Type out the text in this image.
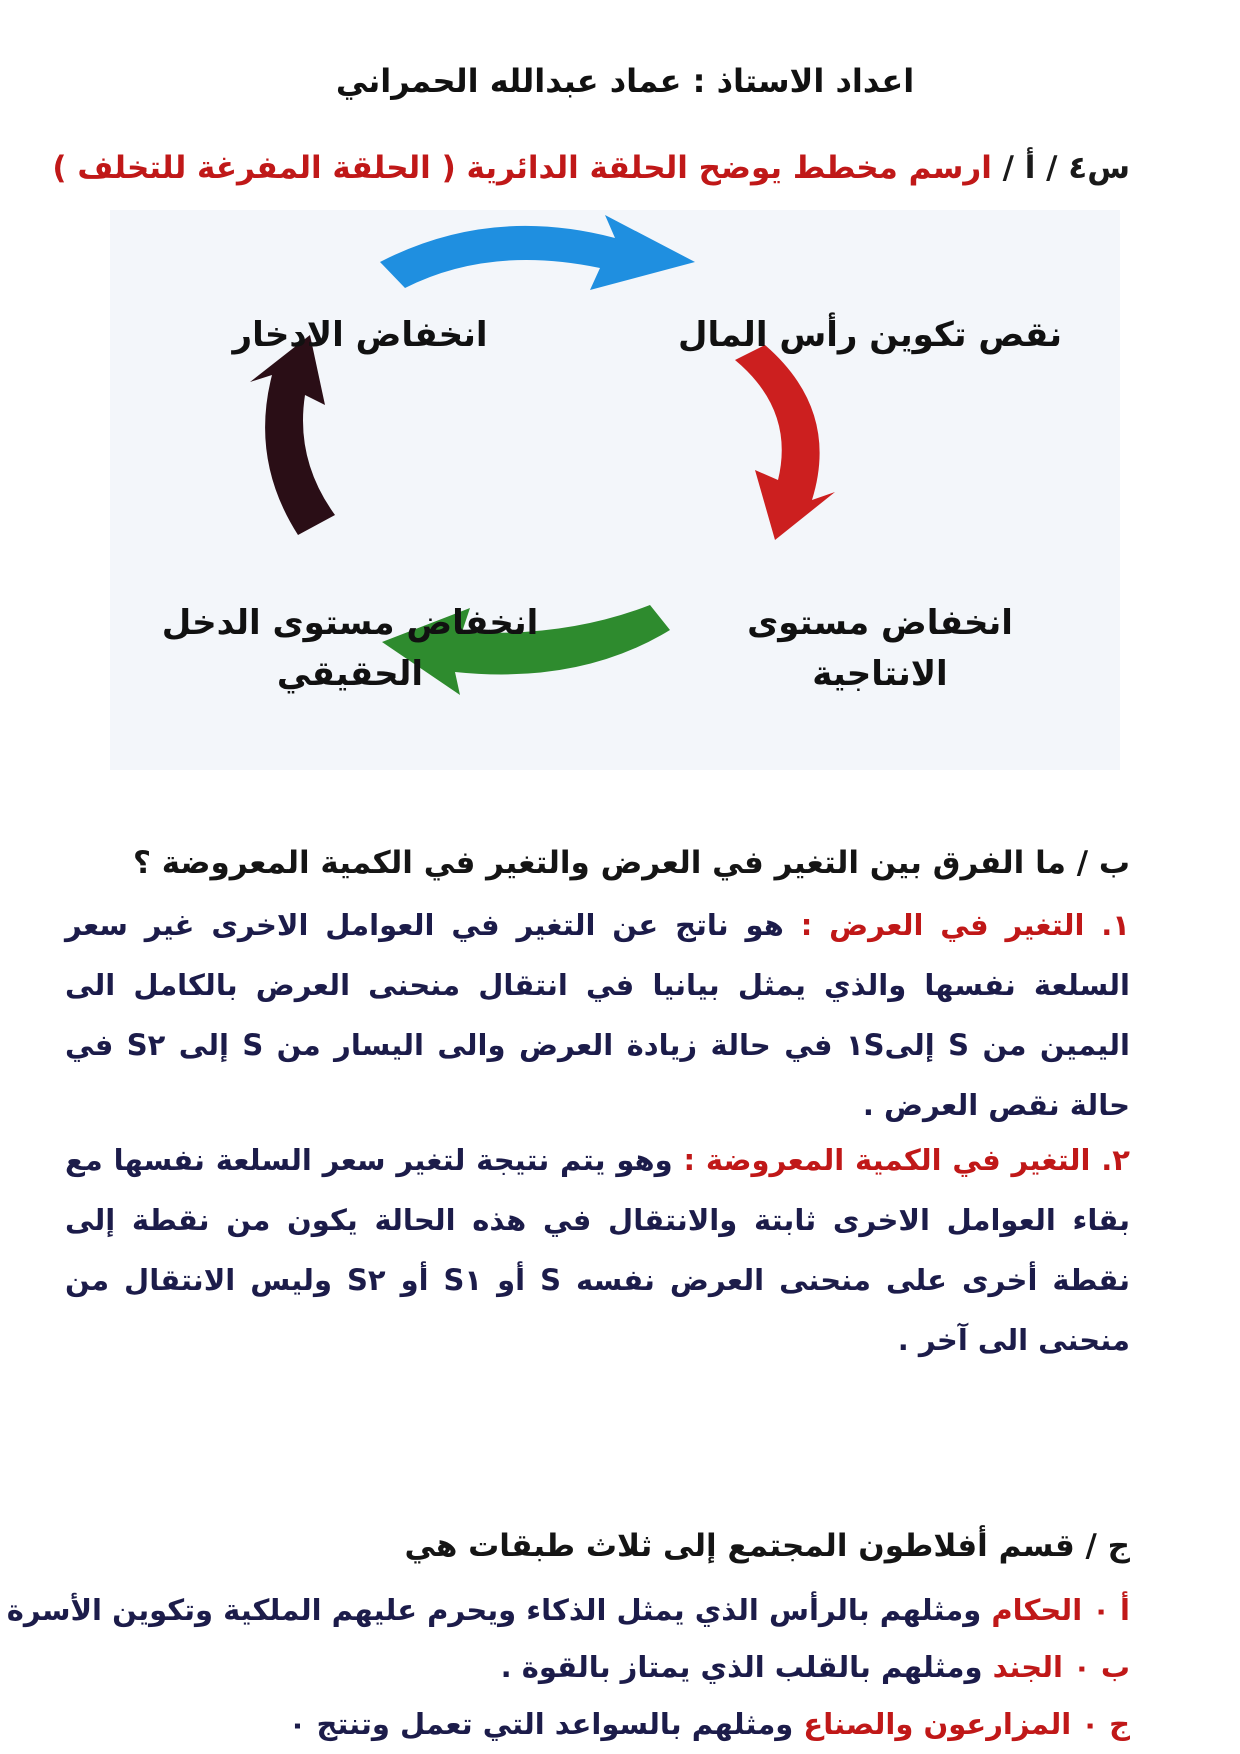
اعداد الاستاذ : عماد عبدالله الحمراني
س٤ / أ / ارسم مخطط يوضح الحلقة الدائرية ( الحلقة المفرغة للتخلف )
نقص تكوين رأس المال
انخفاض الادخار
انخفاض مستوى
الانتاجية
انخفاض مستوى الدخل
الحقيقي
ب / ما الفرق بين التغير في العرض والتغير في الكمية المعروضة ؟
١. التغير في العرض : هو ناتج عن التغير في العوامل الاخرى غير سعر السلعة نفسها والذي يمثل بيانيا في انتقال منحنى العرض بالكامل الى اليمين من S إلى١S في حالة زيادة العرض والى اليسار من S إلى S٢ في حالة نقص العرض .
٢. التغير في الكمية المعروضة : وهو يتم نتيجة لتغير سعر السلعة نفسها مع بقاء العوامل الاخرى ثابتة والانتقال في هذه الحالة يكون من نقطة إلى نقطة أخرى على منحنى العرض نفسه S أو S١ أو S٢ وليس الانتقال من منحنى الى آخر .
ج / قسم أفلاطون المجتمع إلى ثلاث طبقات هي
أ ٠ الحكام ومثلهم بالرأس الذي يمثل الذكاء ويحرم عليهم الملكية وتكوين الأسرة
ب ٠ الجند ومثلهم بالقلب الذي يمتاز بالقوة .
ج ٠ المزارعون والصناع ومثلهم بالسواعد التي تعمل وتنتج ٠
